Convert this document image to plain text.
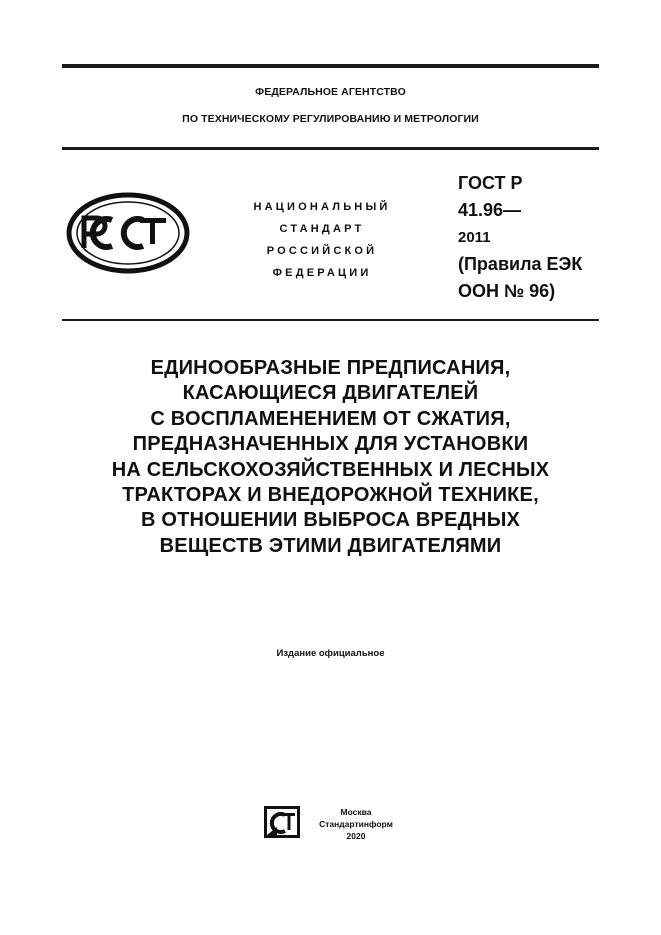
ФЕДЕРАЛЬНОЕ АГЕНТСТВО
ПО ТЕХНИЧЕСКОМУ РЕГУЛИРОВАНИЮ И МЕТРОЛОГИИ
НАЦИОНАЛЬНЫЙ
СТАНДАРТ
РОССИЙСКОЙ
ФЕДЕРАЦИИ
ГОСТ Р
41.96—
2011
(Правила ЕЭК
ООН № 96)
ЕДИНООБРАЗНЫЕ ПРЕДПИСАНИЯ,
КАСАЮЩИЕСЯ ДВИГАТЕЛЕЙ
С ВОСПЛАМЕНЕНИЕМ ОТ СЖАТИЯ,
ПРЕДНАЗНАЧЕННЫХ ДЛЯ УСТАНОВКИ
НА СЕЛЬСКОХОЗЯЙСТВЕННЫХ И ЛЕСНЫХ
ТРАКТОРАХ И ВНЕДОРОЖНОЙ ТЕХНИКЕ,
В ОТНОШЕНИИ ВЫБРОСА ВРЕДНЫХ
ВЕЩЕСТВ ЭТИМИ ДВИГАТЕЛЯМИ
Издание официальное
Москва
Стандартинформ
2020
